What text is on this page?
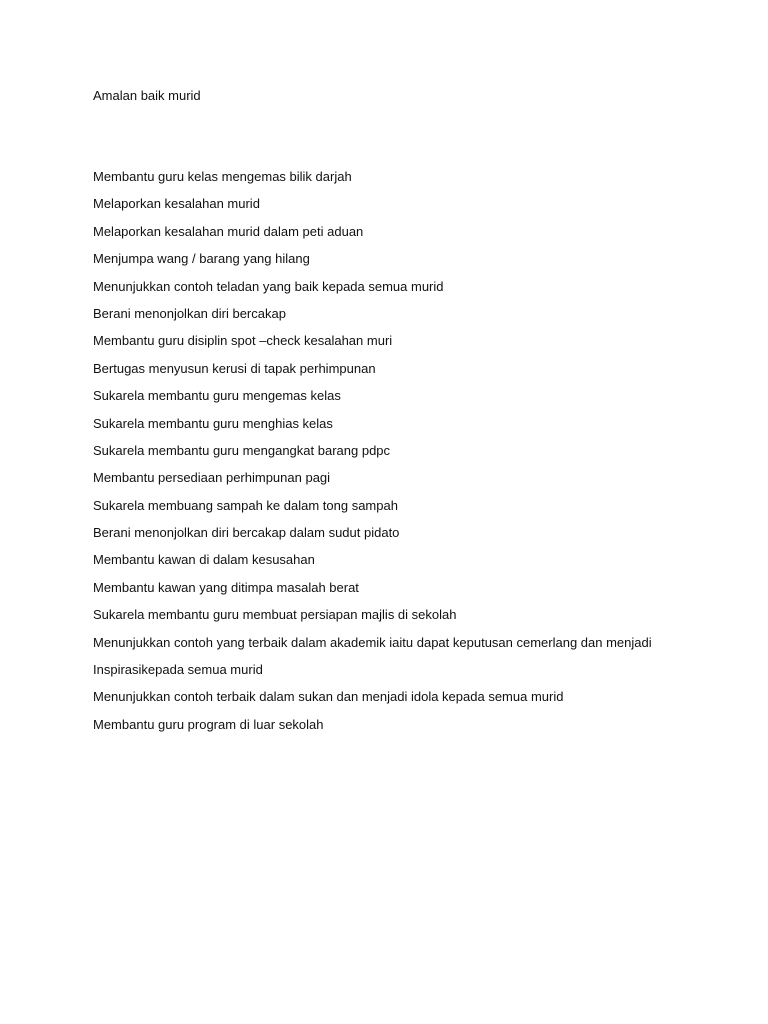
Amalan baik murid
Membantu guru kelas mengemas bilik darjah
Melaporkan kesalahan murid
Melaporkan kesalahan murid dalam peti aduan
Menjumpa wang / barang yang hilang
Menunjukkan contoh teladan yang baik kepada semua murid
Berani menonjolkan diri bercakap
Membantu guru disiplin spot –check kesalahan muri
Bertugas menyusun kerusi di tapak perhimpunan
Sukarela membantu guru mengemas kelas
Sukarela membantu guru menghias kelas
Sukarela membantu guru mengangkat barang pdpc
Membantu persediaan perhimpunan pagi
Sukarela membuang sampah ke dalam tong sampah
Berani menonjolkan diri bercakap dalam sudut pidato
Membantu kawan di dalam kesusahan
Membantu kawan yang ditimpa masalah berat
Sukarela membantu guru membuat persiapan majlis di sekolah
Menunjukkan contoh yang terbaik dalam akademik iaitu dapat keputusan cemerlang dan menjadi
Inspirasikepada semua murid
Menunjukkan contoh terbaik dalam sukan dan menjadi idola kepada semua murid
Membantu guru program di luar sekolah
